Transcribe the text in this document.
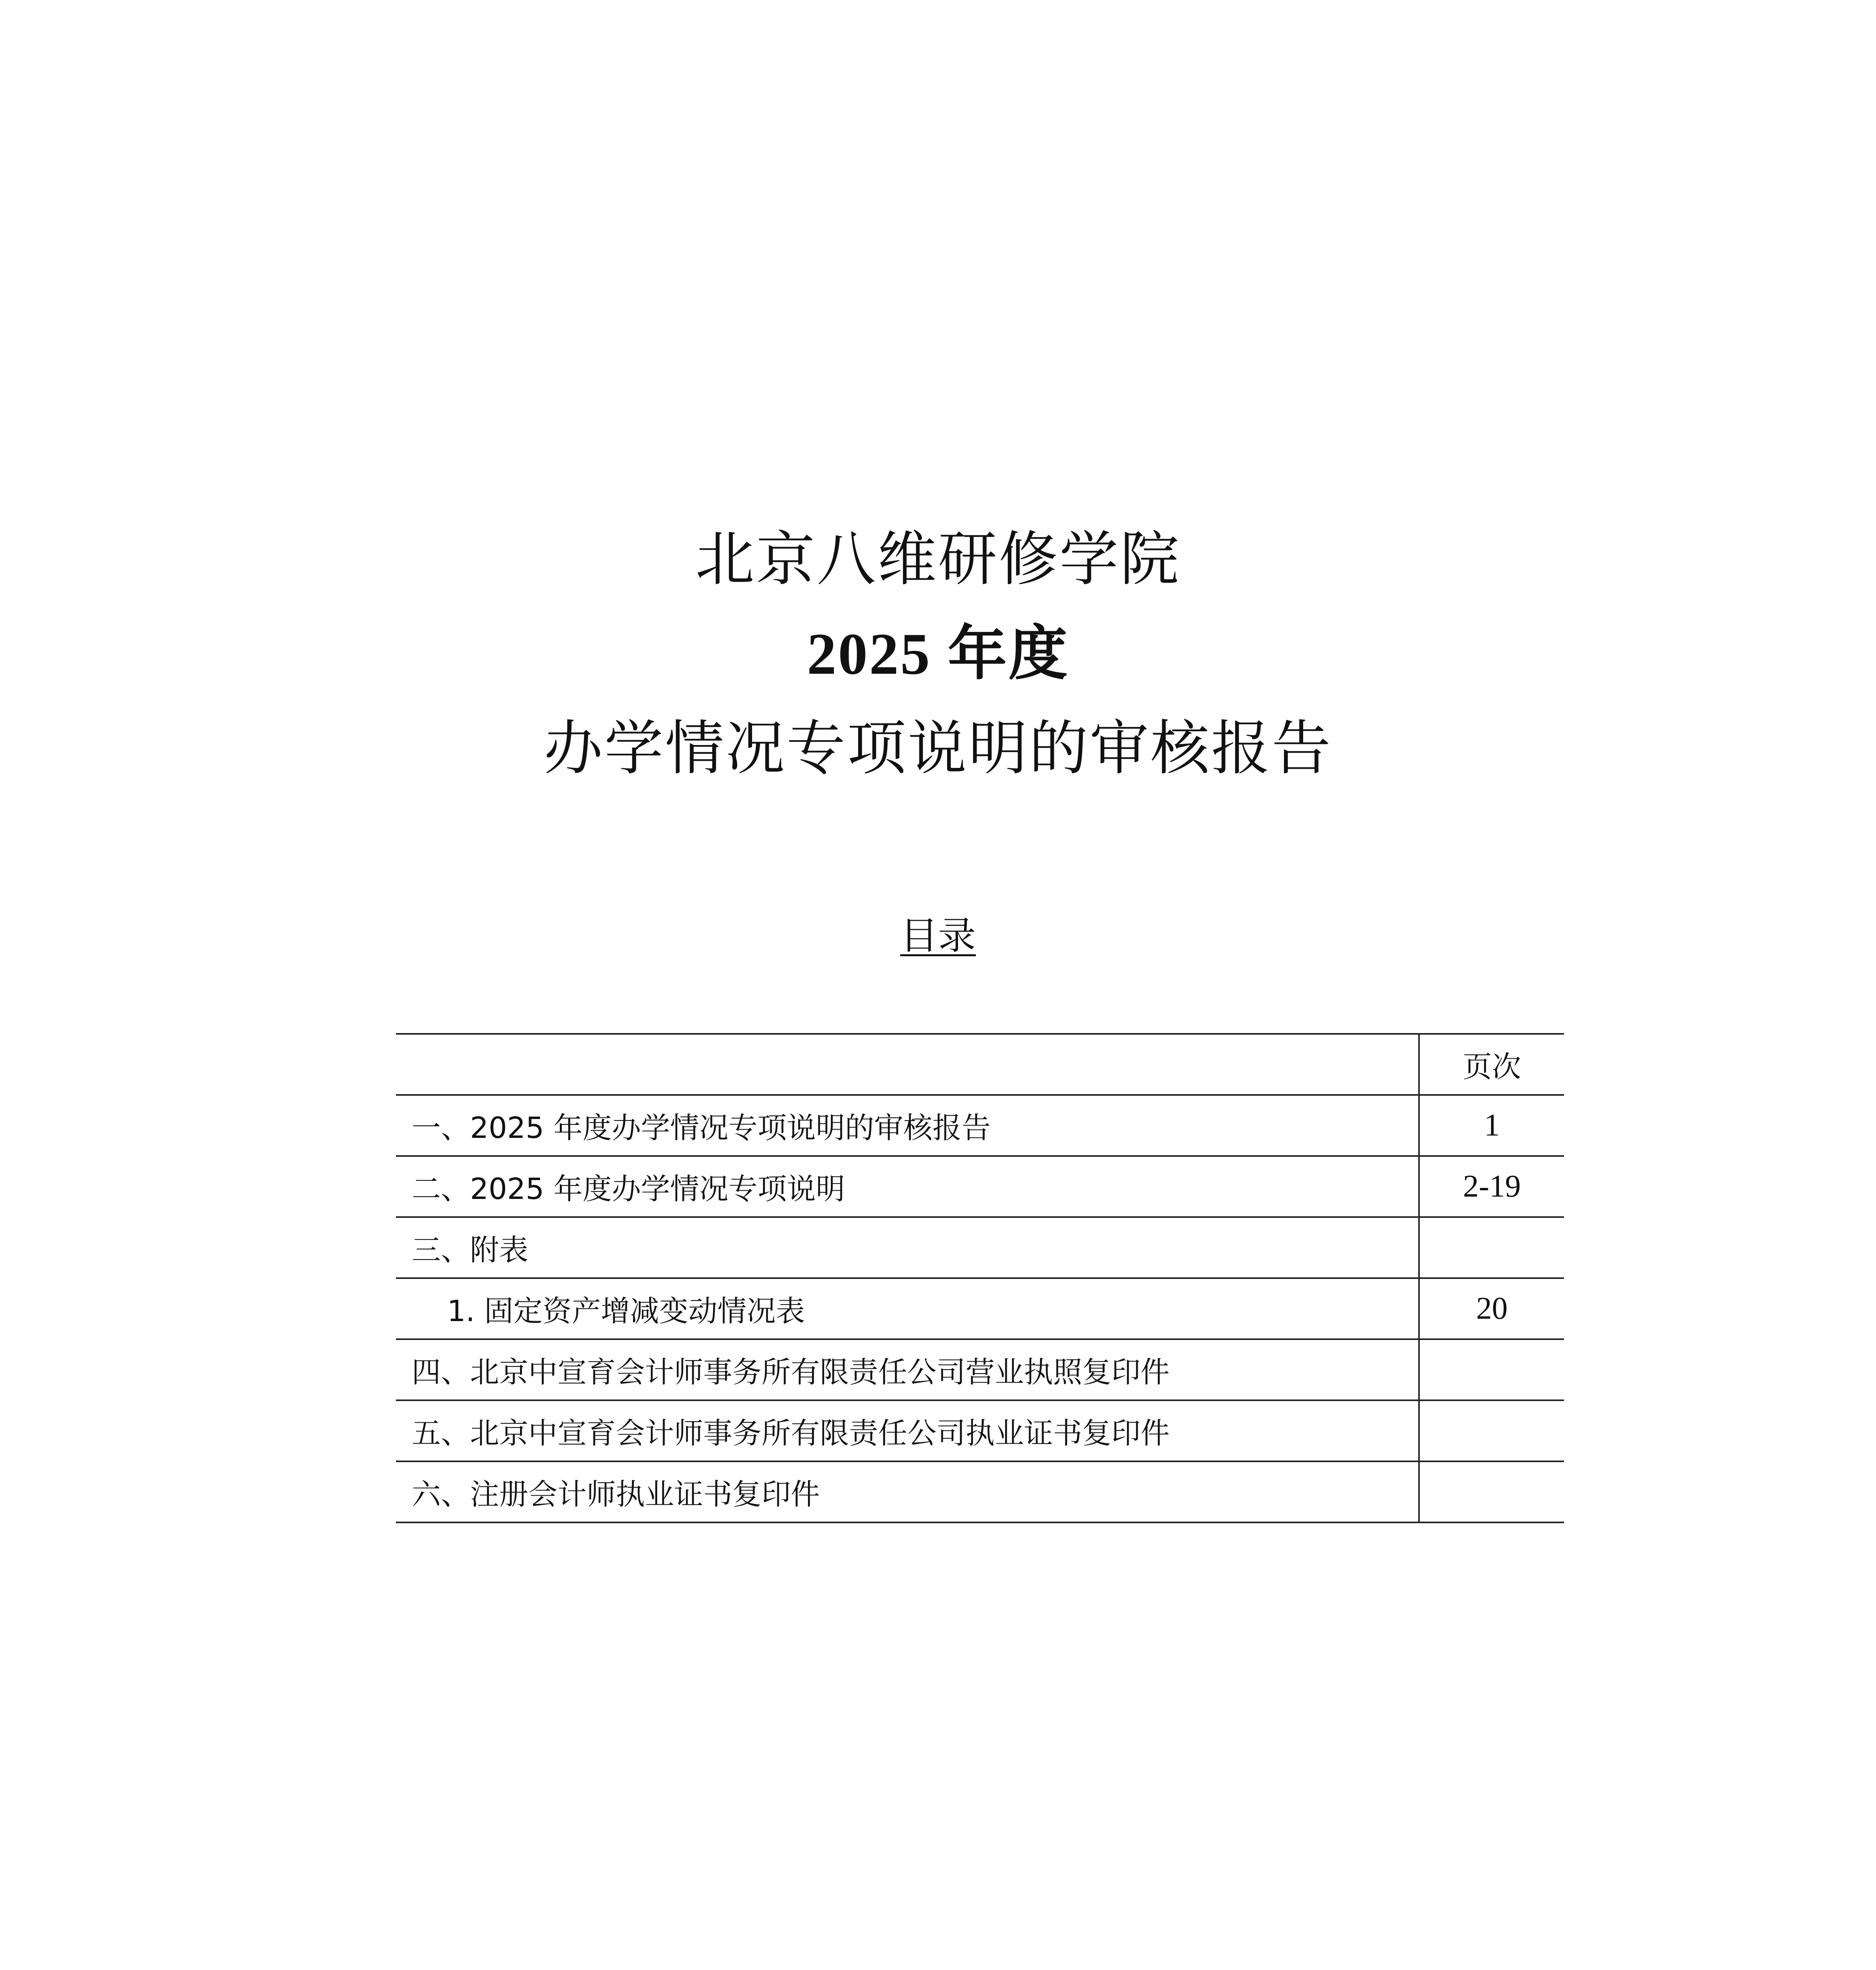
北京八维研修学院
2025 年度
办学情况专项说明的审核报告
目录
	页次
一、2025 年度办学情况专项说明的审核报告	1
二、2025 年度办学情况专项说明	2-19
三、附表	
1. 固定资产增减变动情况表	20
四、北京中宣育会计师事务所有限责任公司营业执照复印件	
五、北京中宣育会计师事务所有限责任公司执业证书复印件	
六、注册会计师执业证书复印件	
